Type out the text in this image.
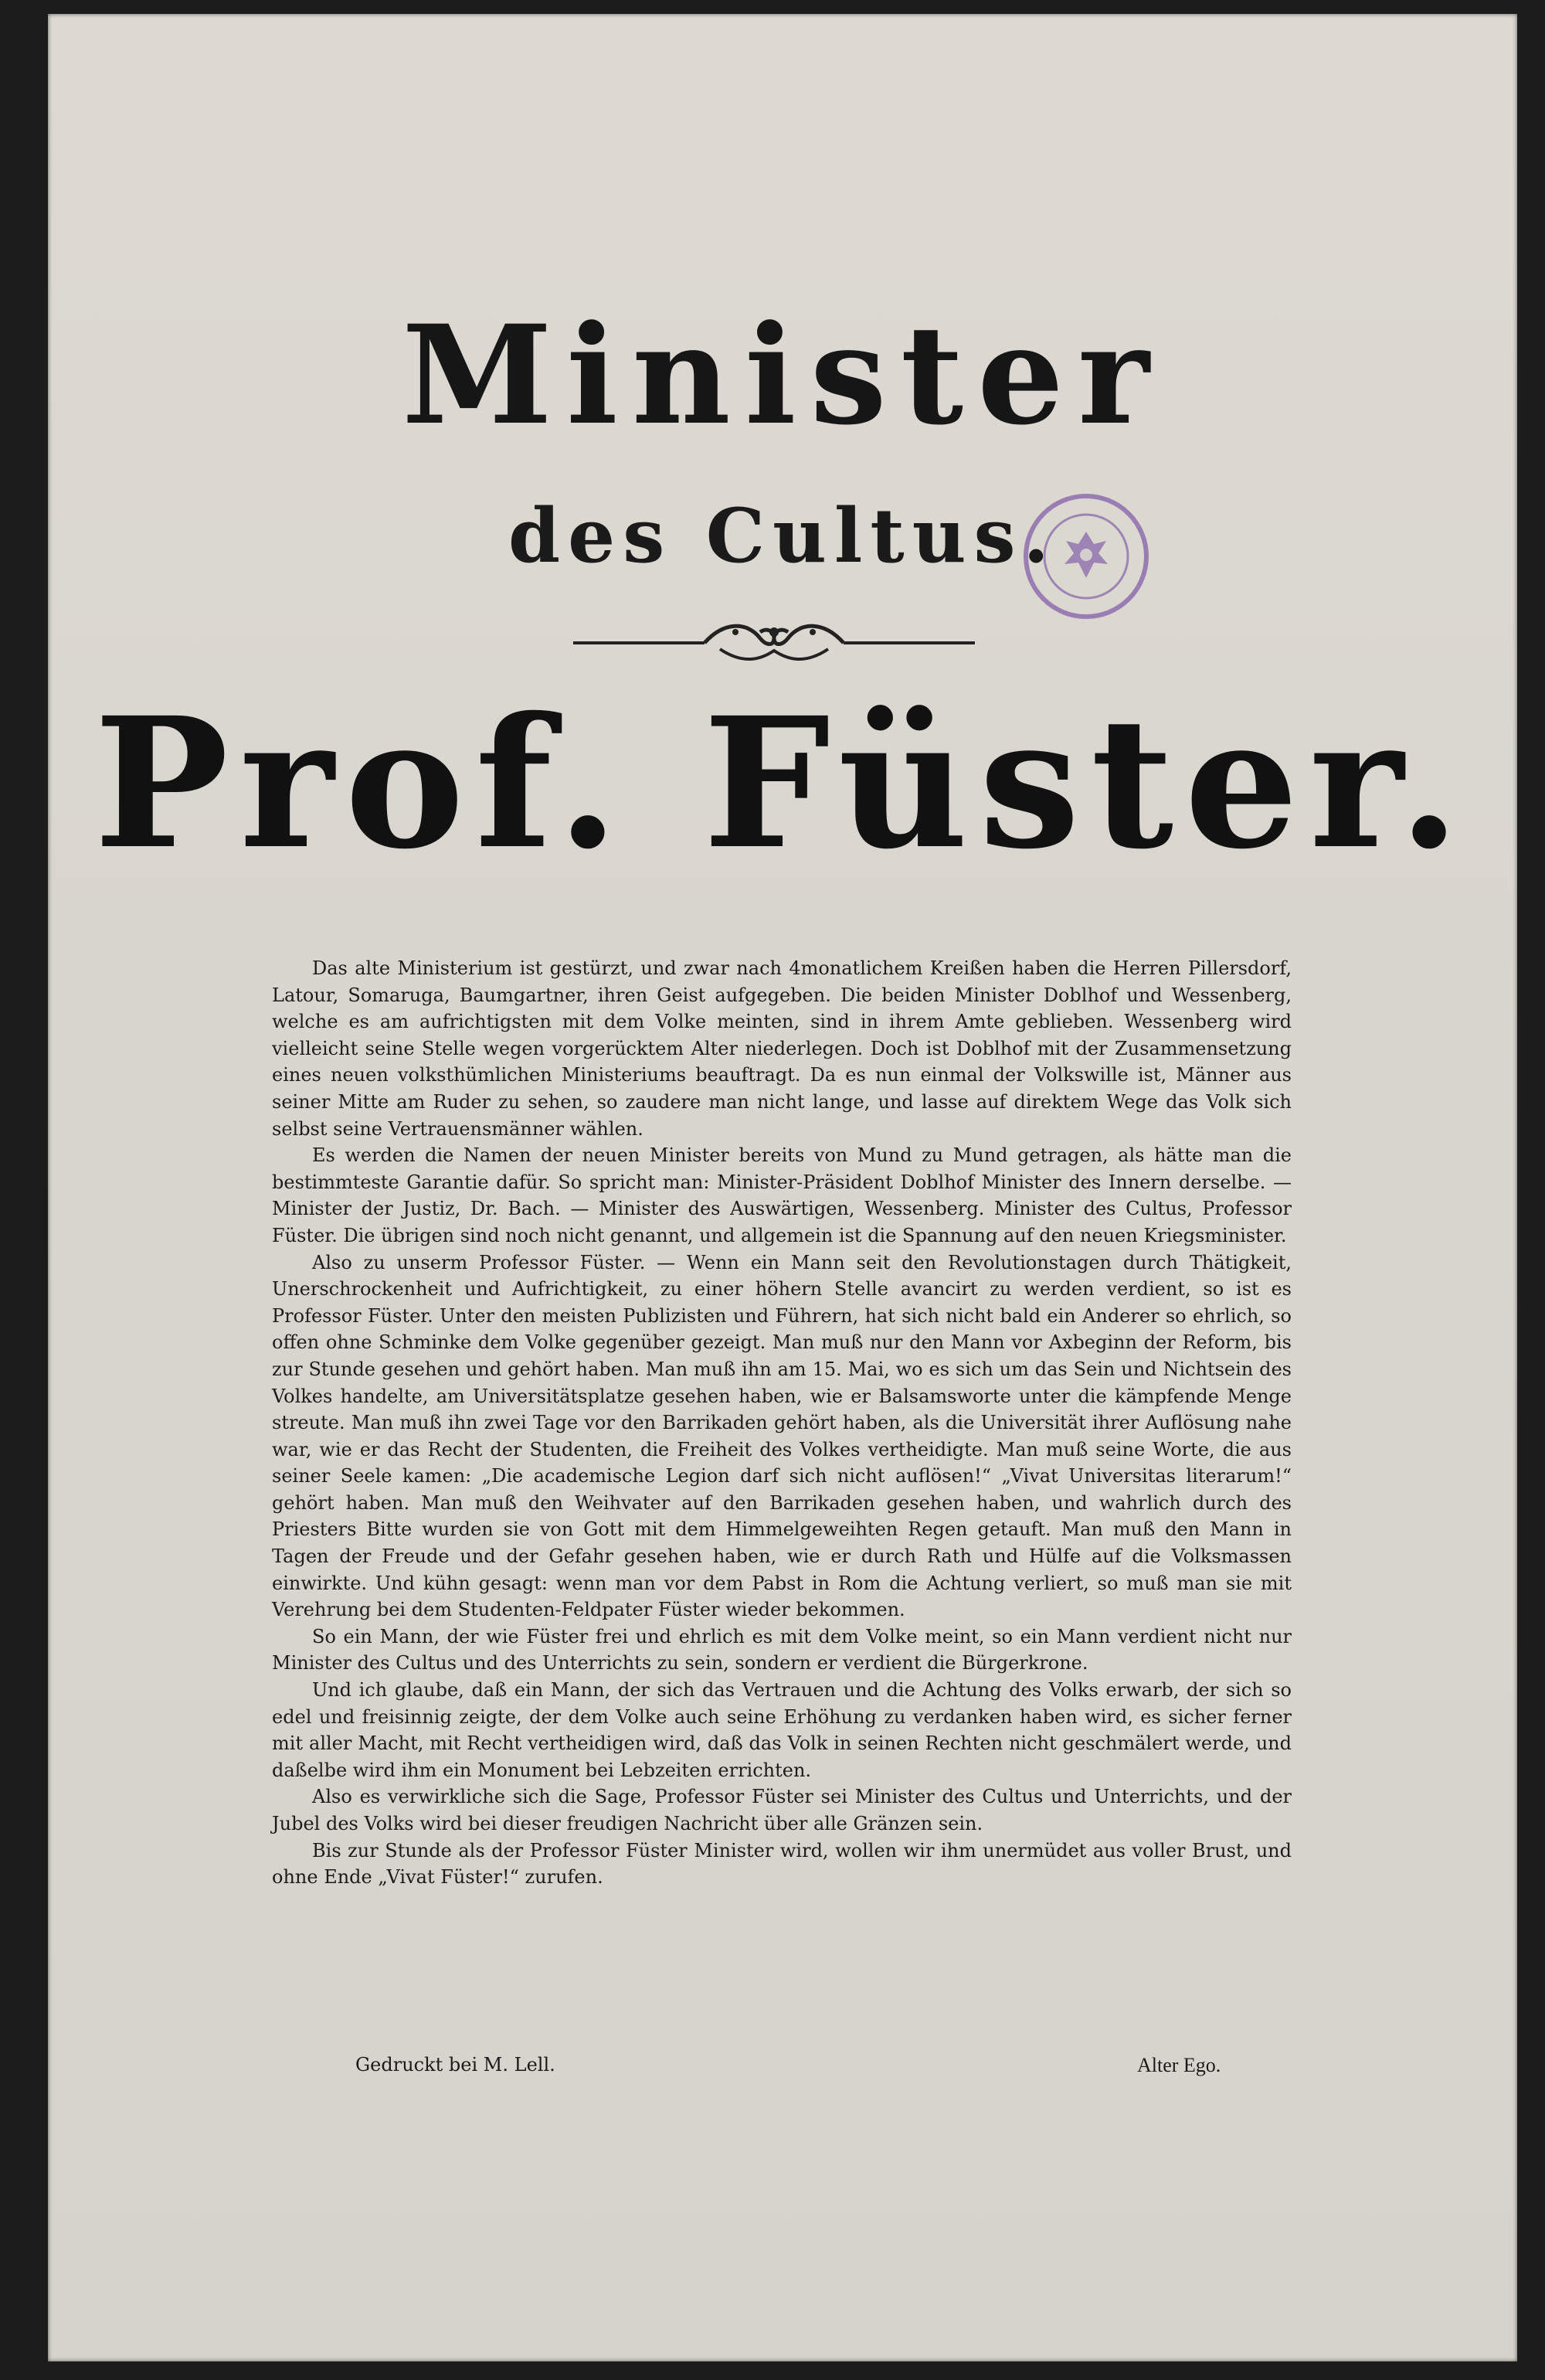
Minister
des Cultus.
Prof. Füster.

Das alte Ministerium ist gestürzt, und zwar nach 4monatlichem Kreißen haben die Herren Pillersdorf, Latour, Somaruga, Baumgartner, ihren Geist aufgegeben. Die beiden Minister Doblhof und Wessenberg, welche es am aufrichtigsten mit dem Volke meinten, sind in ihrem Amte geblieben. Wessenberg wird vielleicht seine Stelle wegen vorgerücktem Alter niederlegen. Doch ist Doblhof mit der Zusammensetzung eines neuen volksthümlichen Ministeriums beauftragt. Da es nun einmal der Volkswille ist, Männer aus seiner Mitte am Ruder zu sehen, so zaudere man nicht lange, und lasse auf direktem Wege das Volk sich selbst seine Vertrauensmänner wählen.

Es werden die Namen der neuen Minister bereits von Mund zu Mund getragen, als hätte man die bestimmteste Garantie dafür. So spricht man: Minister-Präsident Doblhof Minister des Innern derselbe. — Minister der Justiz, Dr. Bach. — Minister des Auswärtigen, Wessenberg. Minister des Cultus, Professor Füster. Die übrigen sind noch nicht genannt, und allgemein ist die Spannung auf den neuen Kriegsminister.

Also zu unserm Professor Füster. — Wenn ein Mann seit den Revolutionstagen durch Thätigkeit, Unerschrockenheit und Aufrichtigkeit, zu einer höhern Stelle avancirt zu werden verdient, so ist es Professor Füster. Unter den meisten Publizisten und Führern, hat sich nicht bald ein Anderer so ehrlich, so offen ohne Schminke dem Volke gegenüber gezeigt. Man muß nur den Mann vor Axbeginn der Reform, bis zur Stunde gesehen und gehört haben. Man muß ihn am 15. Mai, wo es sich um das Sein und Nichtsein des Volkes handelte, am Universitätsplatze gesehen haben, wie er Balsamsworte unter die kämpfende Menge streute. Man muß ihn zwei Tage vor den Barrikaden gehört haben, als die Universität ihrer Auflösung nahe war, wie er das Recht der Studenten, die Freiheit des Volkes vertheidigte. Man muß seine Worte, die aus seiner Seele kamen: „Die academische Legion darf sich nicht auflösen!“ „Vivat Universitas literarum!“ gehört haben. Man muß den Weihvater auf den Barrikaden gesehen haben, und wahrlich durch des Priesters Bitte wurden sie von Gott mit dem Himmelgeweihten Regen getauft. Man muß den Mann in Tagen der Freude und der Gefahr gesehen haben, wie er durch Rath und Hülfe auf die Volksmassen einwirkte. Und kühn gesagt: wenn man vor dem Pabst in Rom die Achtung verliert, so muß man sie mit Verehrung bei dem Studenten-Feldpater Füster wieder bekommen.

So ein Mann, der wie Füster frei und ehrlich es mit dem Volke meint, so ein Mann verdient nicht nur Minister des Cultus und des Unterrichts zu sein, sondern er verdient die Bürgerkrone.

Und ich glaube, daß ein Mann, der sich das Vertrauen und die Achtung des Volks erwarb, der sich so edel und freisinnig zeigte, der dem Volke auch seine Erhöhung zu verdanken haben wird, es sicher ferner mit aller Macht, mit Recht vertheidigen wird, daß das Volk in seinen Rechten nicht geschmälert werde, und daßelbe wird ihm ein Monument bei Lebzeiten errichten.

Also es verwirkliche sich die Sage, Professor Füster sei Minister des Cultus und Unterrichts, und der Jubel des Volks wird bei dieser freudigen Nachricht über alle Gränzen sein.

Bis zur Stunde als der Professor Füster Minister wird, wollen wir ihm unermüdet aus voller Brust, und ohne Ende „Vivat Füster!“ zurufen.

Gedruckt bei M. Lell.	Alter Ego.
